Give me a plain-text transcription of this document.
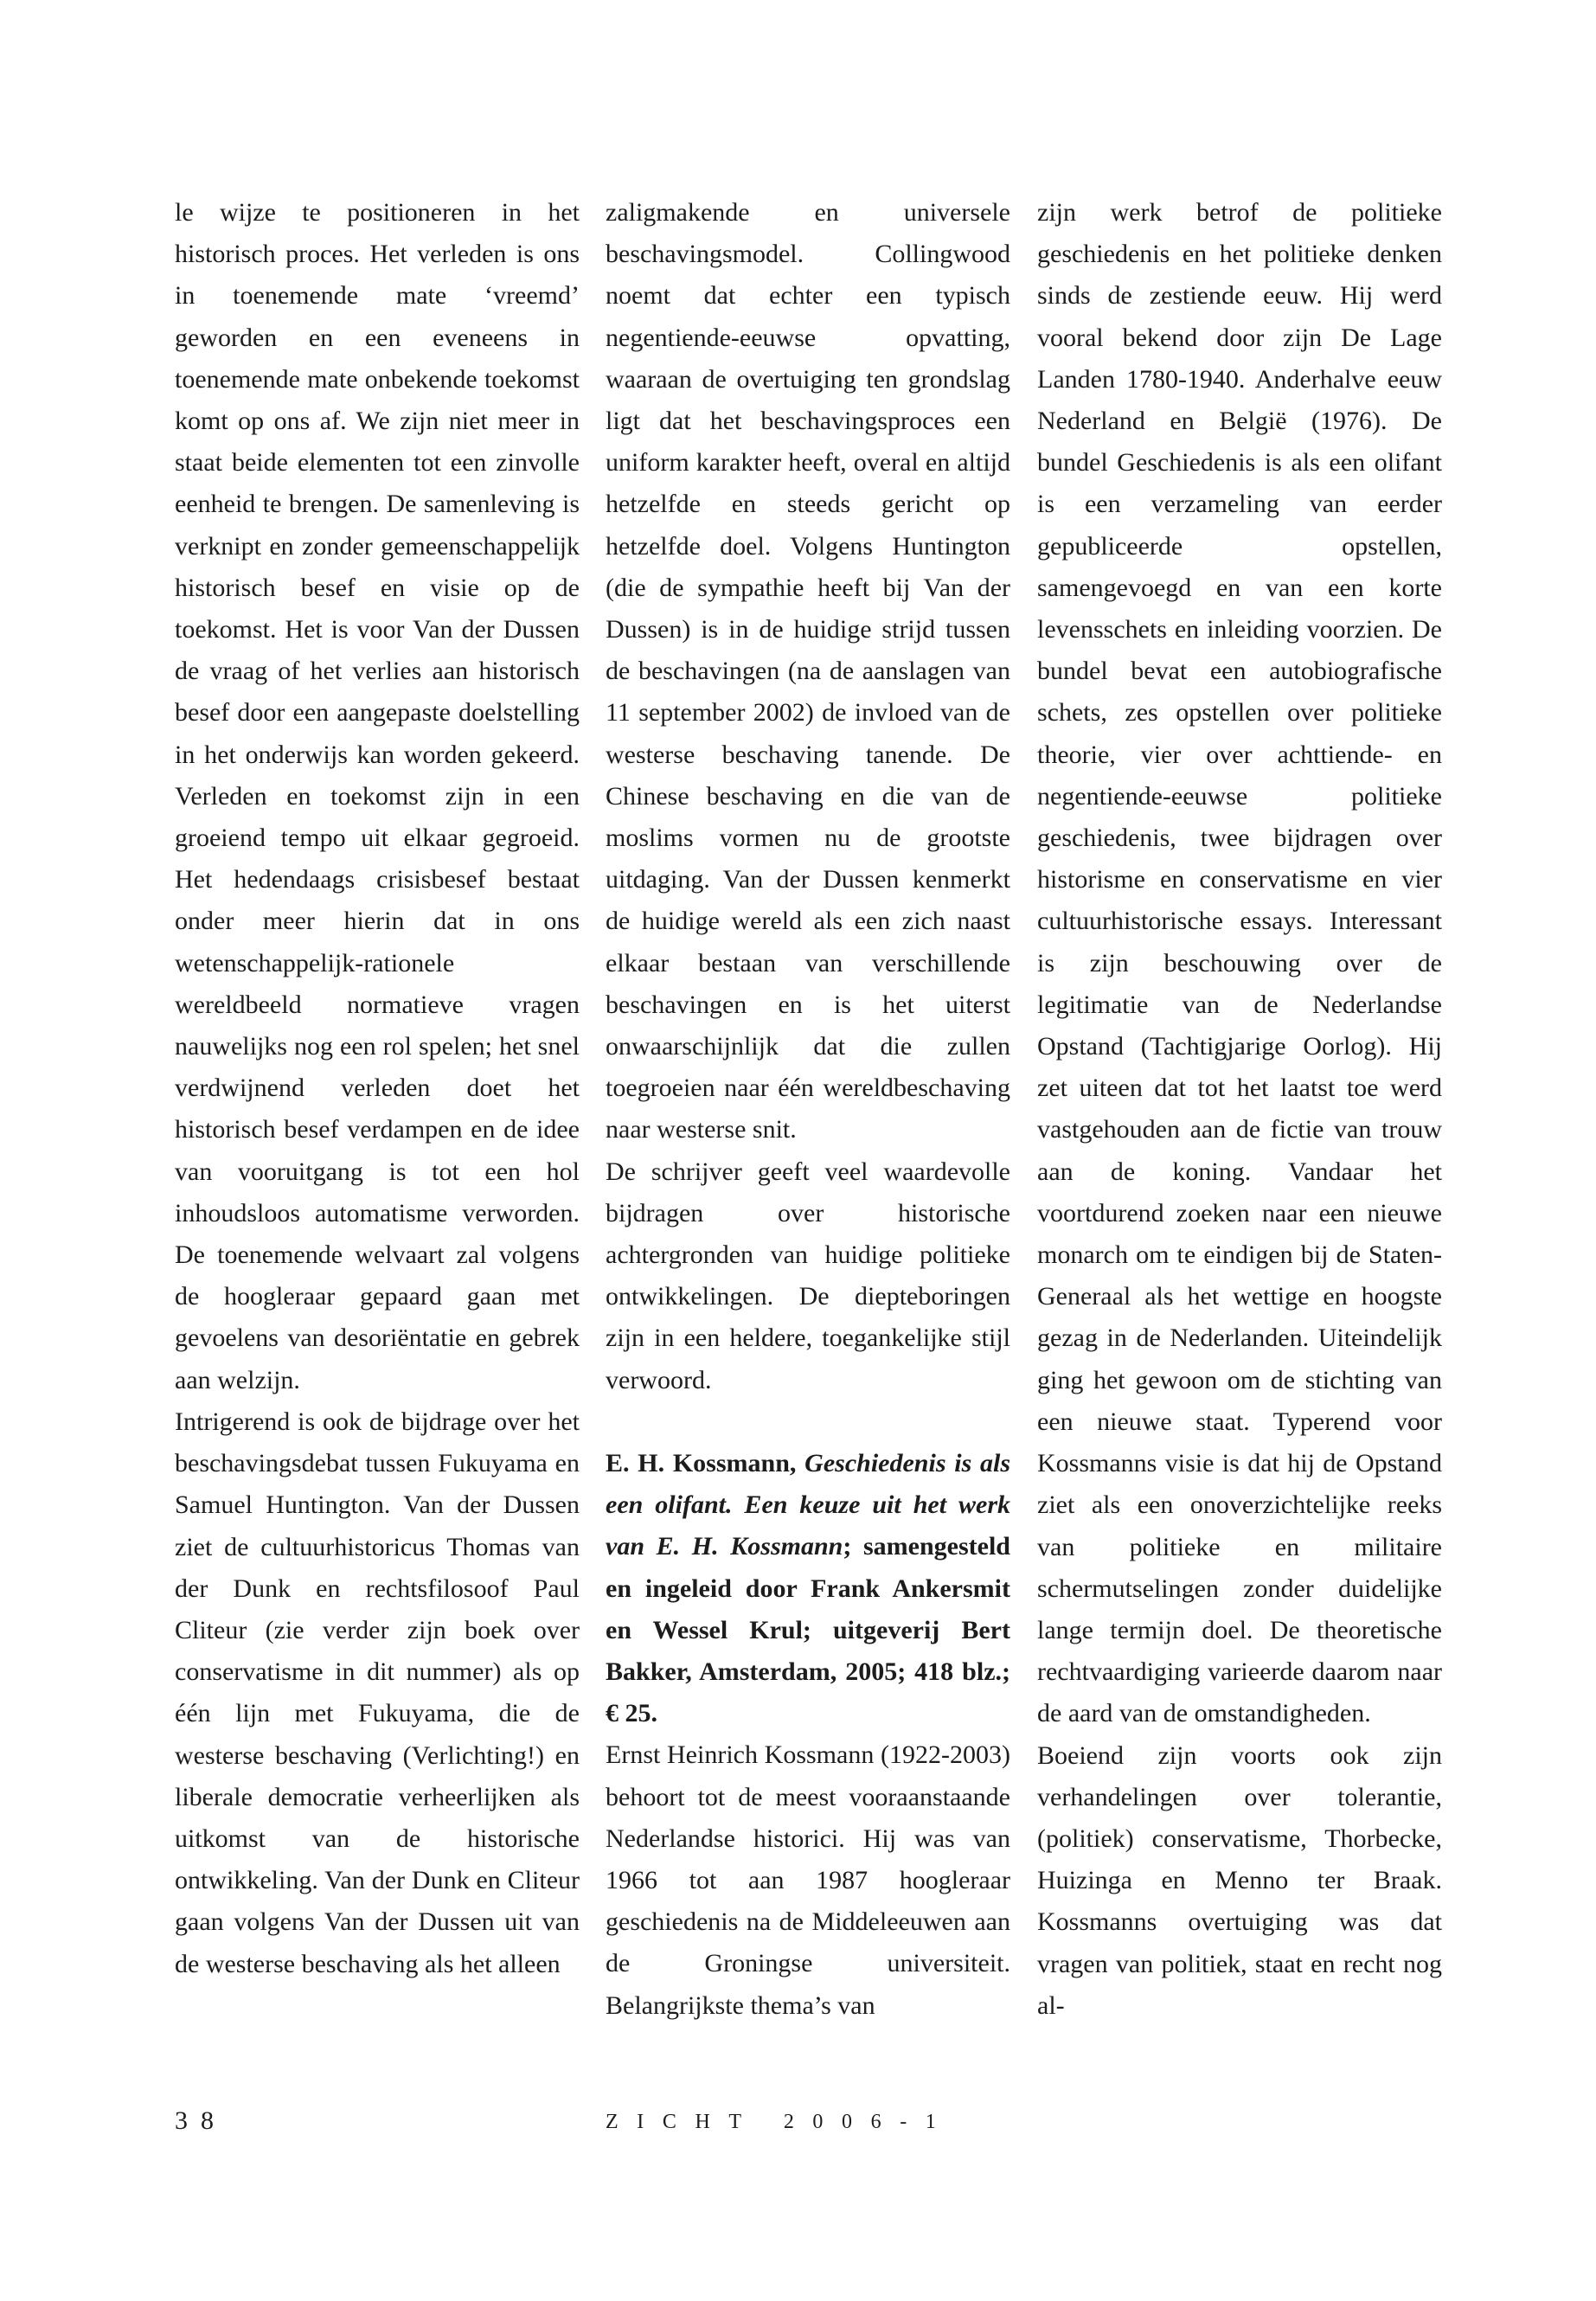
le wijze te positioneren in het historisch proces. Het verleden is ons in toenemende mate ‘vreemd’ geworden en een eveneens in toenemende mate onbekende toekomst komt op ons af. We zijn niet meer in staat beide elementen tot een zinvolle eenheid te brengen. De samenleving is verknipt en zonder gemeenschappelijk historisch besef en visie op de toekomst. Het is voor Van der Dussen de vraag of het verlies aan historisch besef door een aangepaste doelstelling in het onderwijs kan worden gekeerd. Verleden en toekomst zijn in een groeiend tempo uit elkaar gegroeid. Het hedendaags crisisbesef bestaat onder meer hierin dat in ons wetenschappelijk-rationele wereldbeeld normatieve vragen nauwelijks nog een rol spelen; het snel verdwijnend verleden doet het historisch besef verdampen en de idee van vooruitgang is tot een hol inhoudsloos automatisme verworden. De toenemende welvaart zal volgens de hoogleraar gepaard gaan met gevoelens van desoriëntatie en gebrek aan welzijn.

Intrigerend is ook de bijdrage over het beschavingsdebat tussen Fukuyama en Samuel Huntington. Van der Dussen ziet de cultuurhistoricus Thomas van der Dunk en rechtsfilosoof Paul Cliteur (zie verder zijn boek over conservatisme in dit nummer) als op één lijn met Fukuyama, die de westerse beschaving (Verlichting!) en liberale democratie verheerlijken als uitkomst van de historische ontwikkeling. Van der Dunk en Cliteur gaan volgens Van der Dussen uit van de westerse beschaving als het alleen

zaligmakende en universele beschavingsmodel. Collingwood noemt dat echter een typisch negentiende-eeuwse opvatting, waaraan de overtuiging ten grondslag ligt dat het beschavingsproces een uniform karakter heeft, overal en altijd hetzelfde en steeds gericht op hetzelfde doel. Volgens Huntington (die de sympathie heeft bij Van der Dussen) is in de huidige strijd tussen de beschavingen (na de aanslagen van 11 september 2002) de invloed van de westerse beschaving tanende. De Chinese beschaving en die van de moslims vormen nu de grootste uitdaging. Van der Dussen kenmerkt de huidige wereld als een zich naast elkaar bestaan van verschillende beschavingen en is het uiterst onwaarschijnlijk dat die zullen toegroeien naar één wereldbeschaving naar westerse snit.

De schrijver geeft veel waardevolle bijdragen over historische achtergronden van huidige politieke ontwikkelingen. De diepteboringen zijn in een heldere, toegankelijke stijl verwoord.

E. H. Kossmann, Geschiedenis is als een olifant. Een keuze uit het werk van E. H. Kossmann; samengesteld en ingeleid door Frank Ankersmit en Wessel Krul; uitgeverij Bert Bakker, Amsterdam, 2005; 418 blz.; € 25.

Ernst Heinrich Kossmann (1922-2003) behoort tot de meest vooraanstaande Nederlandse historici. Hij was van 1966 tot aan 1987 hoogleraar geschiedenis na de Middeleeuwen aan de Groningse universiteit. Belangrijkste thema’s van

zijn werk betrof de politieke geschiedenis en het politieke denken sinds de zestiende eeuw. Hij werd vooral bekend door zijn De Lage Landen 1780-1940. Anderhalve eeuw Nederland en België (1976). De bundel Geschiedenis is als een olifant is een verzameling van eerder gepubliceerde opstellen, samengevoegd en van een korte levensschets en inleiding voorzien. De bundel bevat een autobiografische schets, zes opstellen over politieke theorie, vier over achttiende- en negentiende-eeuwse politieke geschiedenis, twee bijdragen over historisme en conservatisme en vier cultuurhistorische essays. Interessant is zijn beschouwing over de legitimatie van de Nederlandse Opstand (Tachtigjarige Oorlog). Hij zet uiteen dat tot het laatst toe werd vastgehouden aan de fictie van trouw aan de koning. Vandaar het voortdurend zoeken naar een nieuwe monarch om te eindigen bij de Staten-Generaal als het wettige en hoogste gezag in de Nederlanden. Uiteindelijk ging het gewoon om de stichting van een nieuwe staat. Typerend voor Kossmanns visie is dat hij de Opstand ziet als een onoverzichtelijke reeks van politieke en militaire schermutselingen zonder duidelijke lange termijn doel. De theoretische rechtvaardiging varieerde daarom naar de aard van de omstandigheden.

Boeiend zijn voorts ook zijn verhandelingen over tolerantie, (politiek) conservatisme, Thorbecke, Huizinga en Menno ter Braak. Kossmanns overtuiging was dat vragen van politiek, staat en recht nog al-

38	ZICHT 2006-1
